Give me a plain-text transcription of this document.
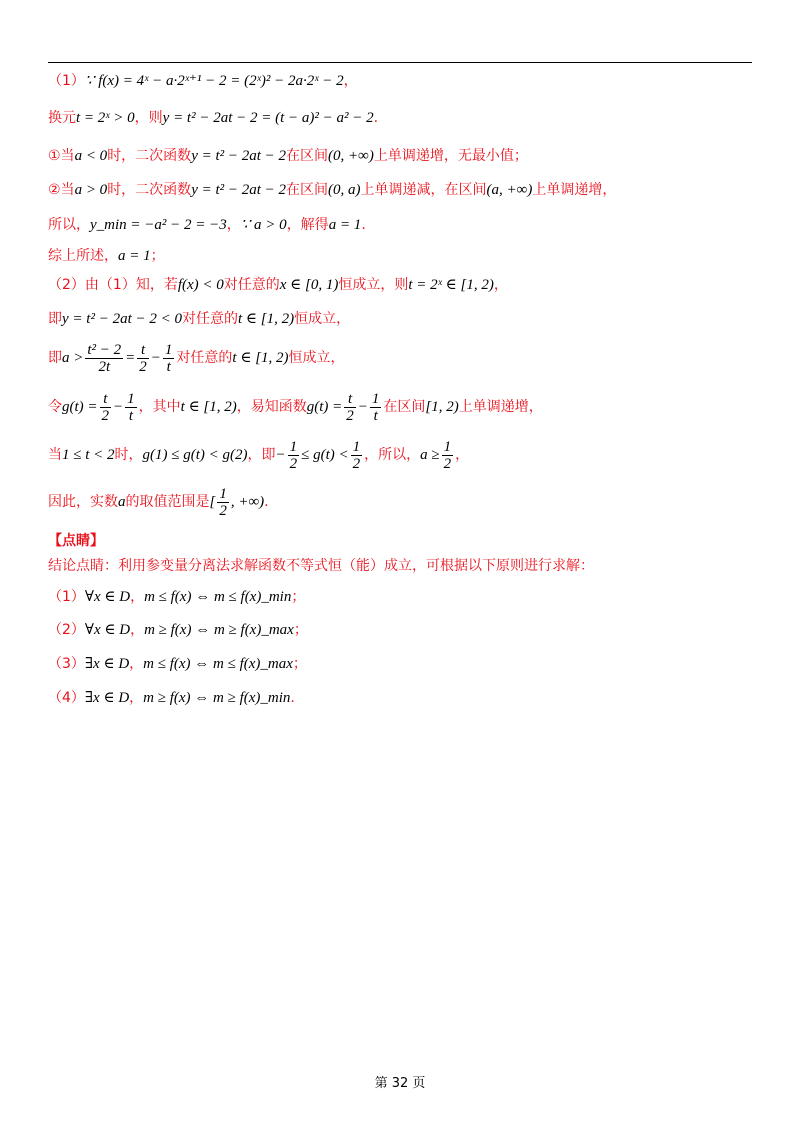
（1）∵ f(x) = 4ˣ − a·2ˣ⁺¹ − 2 = (2ˣ)² − 2a·2ˣ − 2，
换元t = 2ˣ > 0，则y = t² − 2at − 2 = (t − a)² − a² − 2.
①当a < 0时，二次函数y = t² − 2at − 2在区间(0, +∞)上单调递增，无最小值；
②当a > 0时，二次函数y = t² − 2at − 2在区间(0, a)上单调递减，在区间(a, +∞)上单调递增，
所以，y_min = −a² − 2 = −3，∵ a > 0，解得a = 1.
综上所述，a = 1；
（2）由（1）知，若f(x) < 0对任意的x ∈ [0, 1)恒成立，则t = 2ˣ ∈ [1, 2)，
即y = t² − 2at − 2 < 0对任意的t ∈ [1, 2)恒成立，
即$a > \frac{\text{t² − 2}}{2t} = \frac{t}{2} - \frac{1}{t}$ 对任意的t ∈ [1, 2)恒成立，
令$g(t) = \frac{t}{2} - \frac{1}{t}$ ，其中t ∈ [1, 2)，易知函数$g(t) = \frac{t}{2} - \frac{1}{t}$ 在区间[1, 2)上单调递增，
当1 ≤ t < 2时，g(1) ≤ g(t) < g(2)，即− $\frac{1}{2} \le g(t) < \frac{1}{2}$ ，所以，$a \ge \frac{1}{2}$ ，
因此，实数a的取值范围是[ $\frac{1}{2}$ , +∞).
【点睛】
结论点睛：利用参变量分离法求解函数不等式恒（能）成立，可根据以下原则进行求解：
（1）∀x ∈ D，m ≤ f(x) ⇔ m ≤ f(x)_min；
（2）∀x ∈ D，m ≥ f(x) ⇔ m ≥ f(x)_max；
（3）∃x ∈ D，m ≤ f(x) ⇔ m ≤ f(x)_max；
（4）∃x ∈ D，m ≥ f(x) ⇔ m ≥ f(x)_min.
第 32 页
